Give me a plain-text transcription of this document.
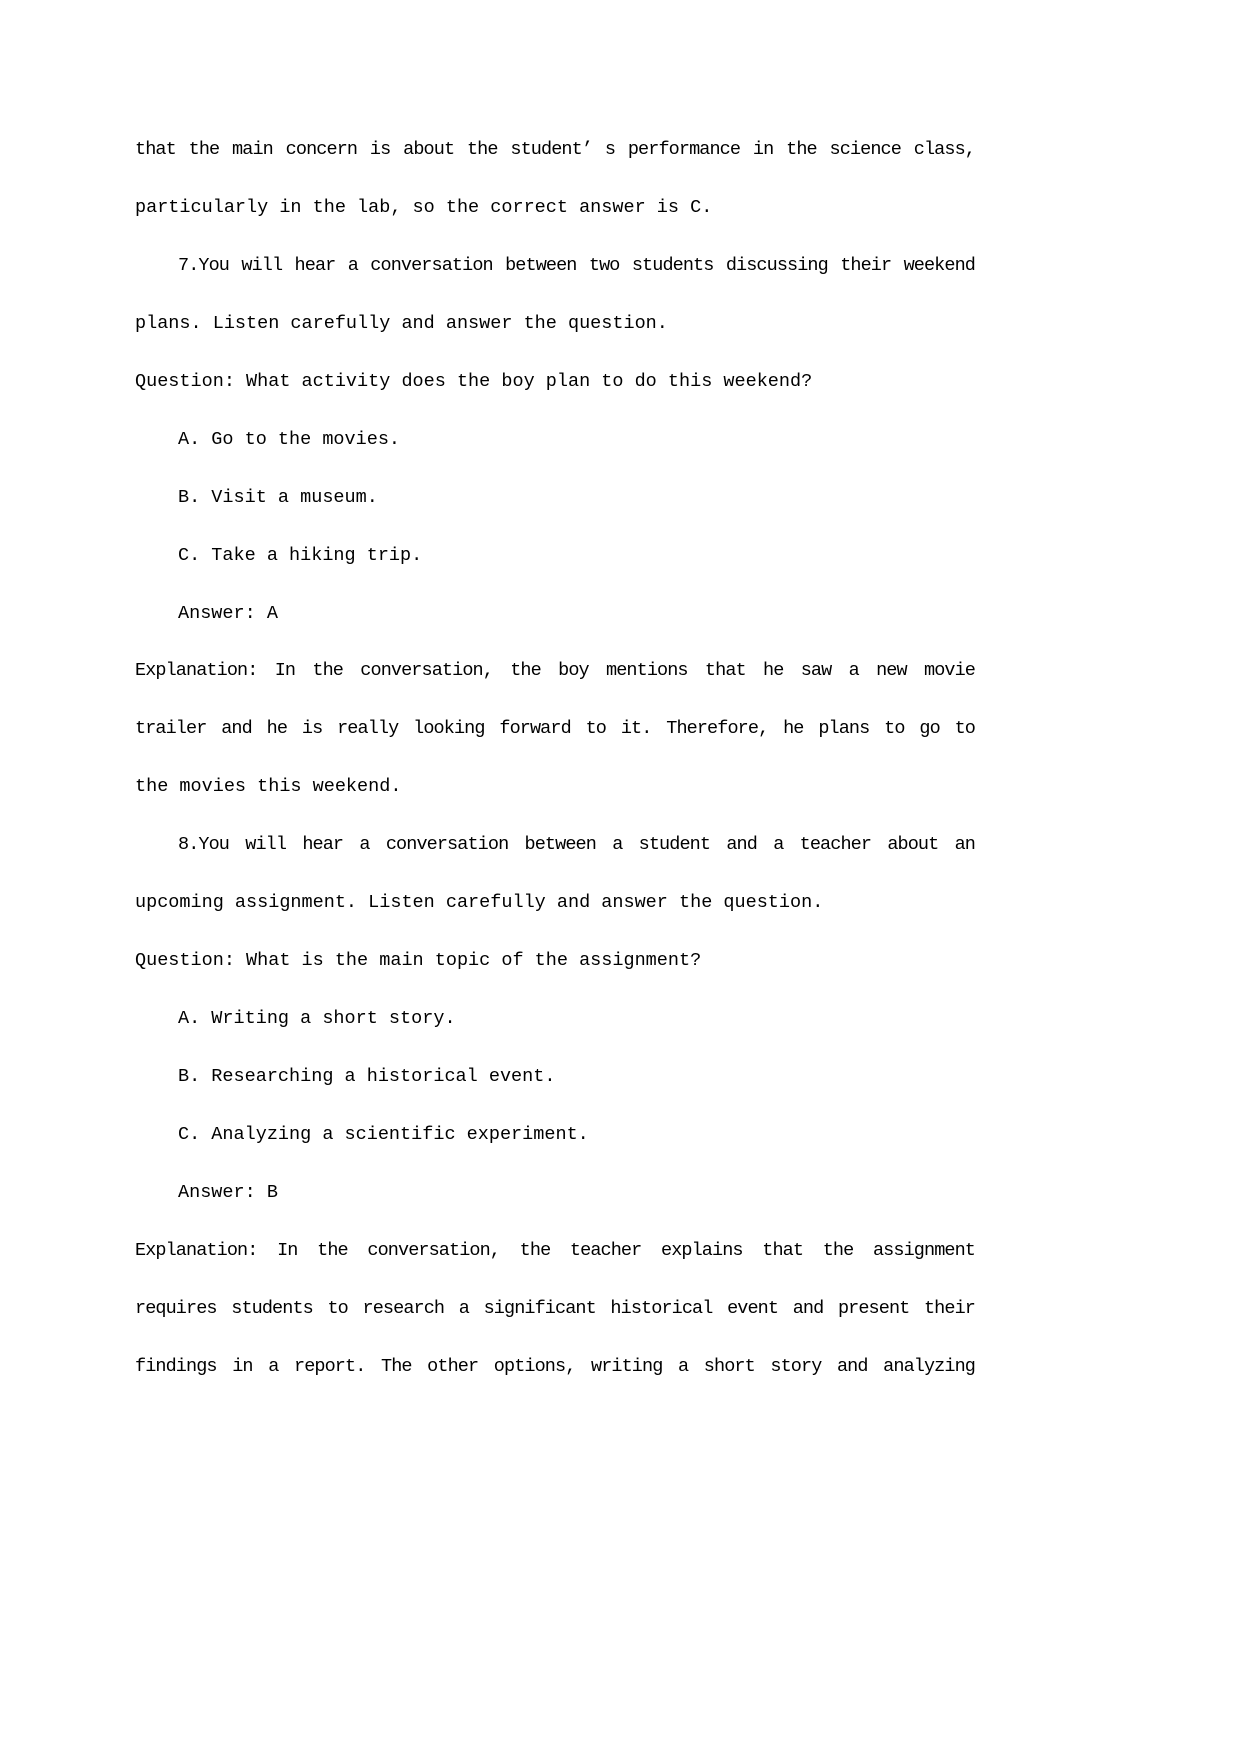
that the main concern is about the student’ s performance in the science class,
particularly in the lab, so the correct answer is C.
7.You will hear a conversation between two students discussing their weekend
plans. Listen carefully and answer the question.
Question: What activity does the boy plan to do this weekend?
A. Go to the movies.
B. Visit a museum.
C. Take a hiking trip.
Answer: A
Explanation: In the conversation, the boy mentions that he saw a new movie
trailer and he is really looking forward to it. Therefore, he plans to go to
the movies this weekend.
8.You will hear a conversation between a student and a teacher about an
upcoming assignment. Listen carefully and answer the question.
Question: What is the main topic of the assignment?
A. Writing a short story.
B. Researching a historical event.
C. Analyzing a scientific experiment.
Answer: B
Explanation: In the conversation, the teacher explains that the assignment
requires students to research a significant historical event and present their
findings in a report. The other options, writing a short story and analyzing
